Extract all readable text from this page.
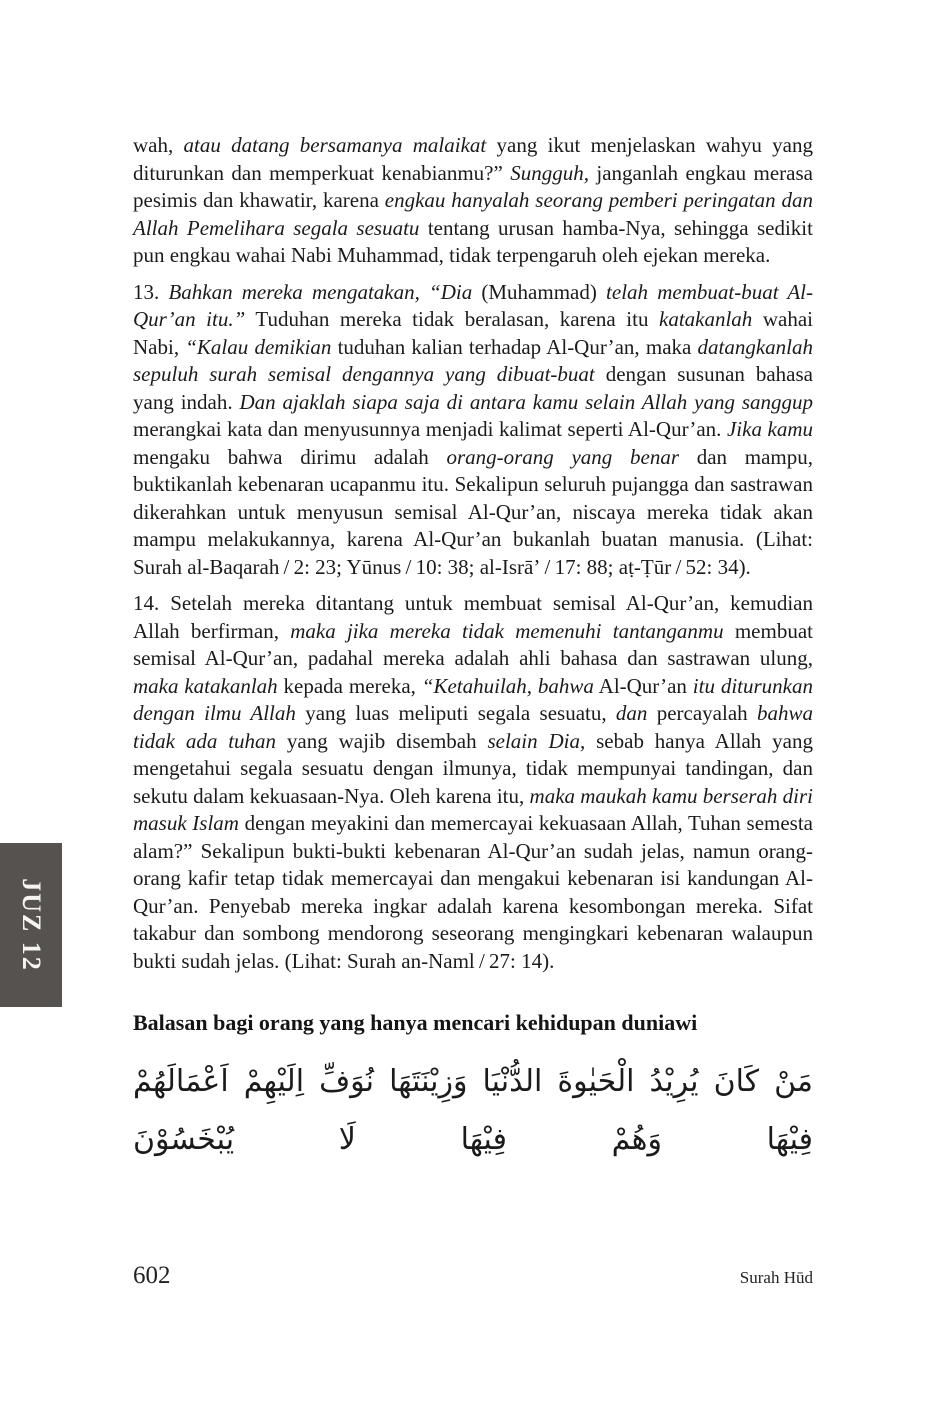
JUZ 12

wah, atau datang bersamanya malaikat yang ikut menjelaskan wahyu yang diturunkan dan memperkuat kenabianmu?” Sungguh, janganlah engkau merasa pesimis dan khawatir, karena engkau hanyalah seorang pemberi peringatan dan Allah Pemelihara segala sesuatu tentang urusan hamba-Nya, sehingga sedikit pun engkau wahai Nabi Muhammad, tidak terpengaruh oleh ejekan mereka.

13. Bahkan mereka mengatakan, “Dia (Muhammad) telah membuat-buat Al-Qur’an itu.” Tuduhan mereka tidak beralasan, karena itu katakanlah wahai Nabi, “Kalau demikian tuduhan kalian terhadap Al-Qur’an, maka datangkanlah sepuluh surah semisal dengannya yang dibuat-buat dengan susunan bahasa yang indah. Dan ajaklah siapa saja di antara kamu selain Allah yang sanggup merangkai kata dan menyusunnya menjadi kalimat seperti Al-Qur’an. Jika kamu mengaku bahwa dirimu adalah orang-orang yang benar dan mampu, buktikanlah kebenaran ucapanmu itu. Sekalipun seluruh pujangga dan sastrawan dikerahkan untuk menyusun semisal Al-Qur’an, niscaya mereka tidak akan mampu melakukannya, karena Al-Qur’an bukanlah buatan manusia. (Lihat: Surah al-Baqarah / 2: 23; Yūnus / 10: 38; al-Isrā’ / 17: 88; aṭ-Ṭūr / 52: 34).

14. Setelah mereka ditantang untuk membuat semisal Al-Qur’an, kemudian Allah berfirman, maka jika mereka tidak memenuhi tantanganmu membuat semisal Al-Qur’an, padahal mereka adalah ahli bahasa dan sastrawan ulung, maka katakanlah kepada mereka, “Ketahuilah, bahwa Al-Qur’an itu diturunkan dengan ilmu Allah yang luas meliputi segala sesuatu, dan percayalah bahwa tidak ada tuhan yang wajib disembah selain Dia, sebab hanya Allah yang mengetahui segala sesuatu dengan ilmunya, tidak mempunyai tandingan, dan sekutu dalam kekuasaan-Nya. Oleh karena itu, maka maukah kamu berserah diri masuk Islam dengan meyakini dan memercayai kekuasaan Allah, Tuhan semesta alam?” Sekalipun bukti-bukti kebenaran Al-Qur’an sudah jelas, namun orang-orang kafir tetap tidak memercayai dan mengakui kebenaran isi kandungan Al-Qur’an. Penyebab mereka ingkar adalah karena kesombongan mereka. Sifat takabur dan sombong mendorong seseorang mengingkari kebenaran walaupun bukti sudah jelas. (Lihat: Surah an-Naml / 27: 14).

Balasan bagi orang yang hanya mencari kehidupan duniawi
مَنْ كَانَ يُرِيْدُ الْحَيٰوةَ الدُّنْيَا وَزِيْنَتَهَا نُوَفِّ اِلَيْهِمْ اَعْمَالَهُمْ فِيْهَا وَهُمْ فِيْهَا لَا يُبْخَسُوْنَ
602	Surah Hūd
